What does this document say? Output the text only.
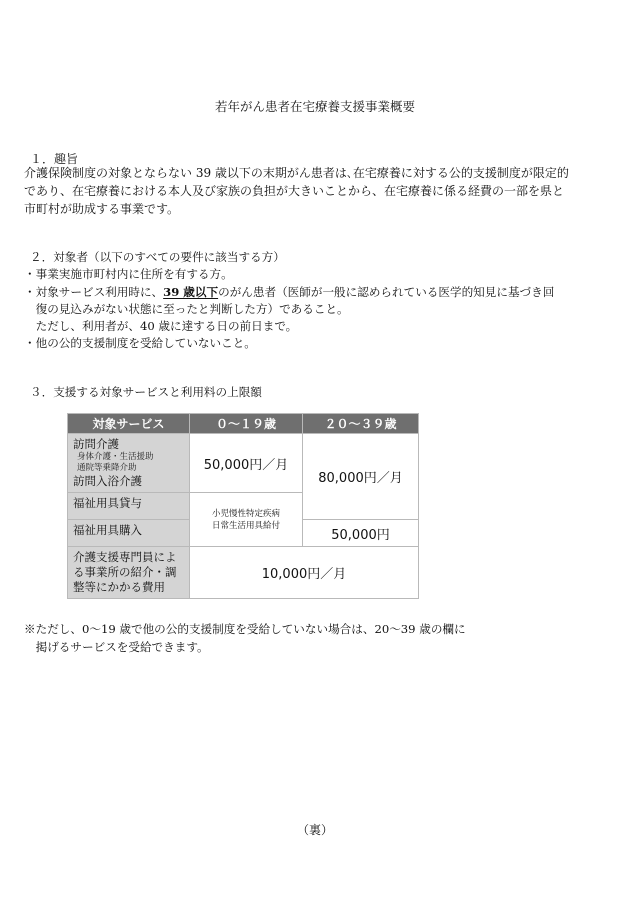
若年がん患者在宅療養支援事業概要
１．趣旨
介護保険制度の対象とならない 39 歳以下の末期がん患者は､在宅療養に対する公的支援制度が限定的
であり、在宅療養における本人及び家族の負担が大きいことから、在宅療養に係る経費の一部を県と
市町村が助成する事業です。
２．対象者（以下のすべての要件に該当する方）
・事業実施市町村内に住所を有する方。
・対象サービス利用時に、39 歳以下のがん患者（医師が一般に認められている医学的知見に基づき回
　復の見込みがない状態に至ったと判断した方）であること。
　ただし、利用者が、40 歳に達する日の前日まで。
・他の公的支援制度を受給していないこと。
３．支援する対象サービスと利用料の上限額
対象サービス	０～１９歳	２０～３９歳
訪問介護
身体介護・生活援助
通院等乗降介助
訪問入浴介護	50,000円／月	80,000円／月
福祉用具貸与	小児慢性特定疾病
日常生活用具給付	

福祉用具購入		50,000円

介護支援専門員によ
る事業所の紹介・調
整等にかかる費用	10,000円／月	
※ただし、0～19 歳で他の公的支援制度を受給していない場合は、20～39 歳の欄に
　掲げるサービスを受給できます。
（裏）
